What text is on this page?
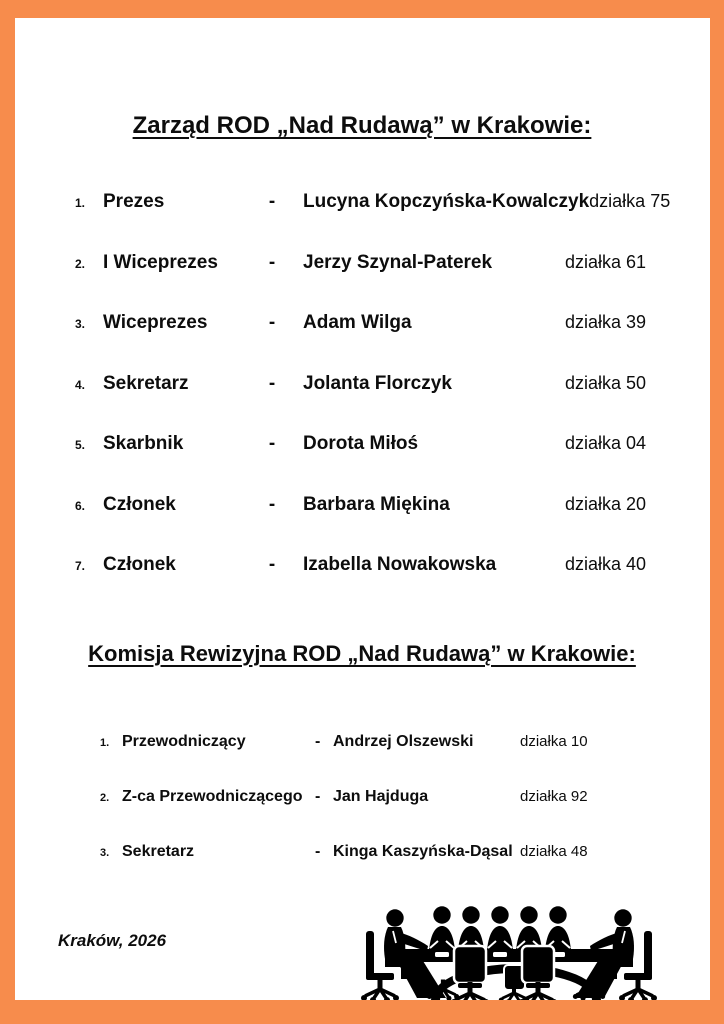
Zarząd ROD „Nad Rudawą” w Krakowie:
1. Prezes	-	Lucyna Kopczyńska-Kowalczyk działka 75
2. I Wiceprezes	-	Jerzy Szynal-Paterek	działka 61
3. Wiceprezes	-	Adam Wilga	działka 39
4. Sekretarz	-	Jolanta Florczyk	działka 50
5. Skarbnik	-	Dorota Miłoś	działka 04
6. Członek	-	Barbara Miękina	działka 20
7. Członek	-	Izabella Nowakowska	działka 40
Komisja Rewizyjna ROD „Nad Rudawą” w Krakowie:
1. Przewodniczący	- Andrzej Olszewski	działka 10
2. Z-ca Przewodniczącego - Jan Hajduga	działka 92
3. Sekretarz	- Kinga Kaszyńska-Dąsal działka 48
Kraków, 2026
